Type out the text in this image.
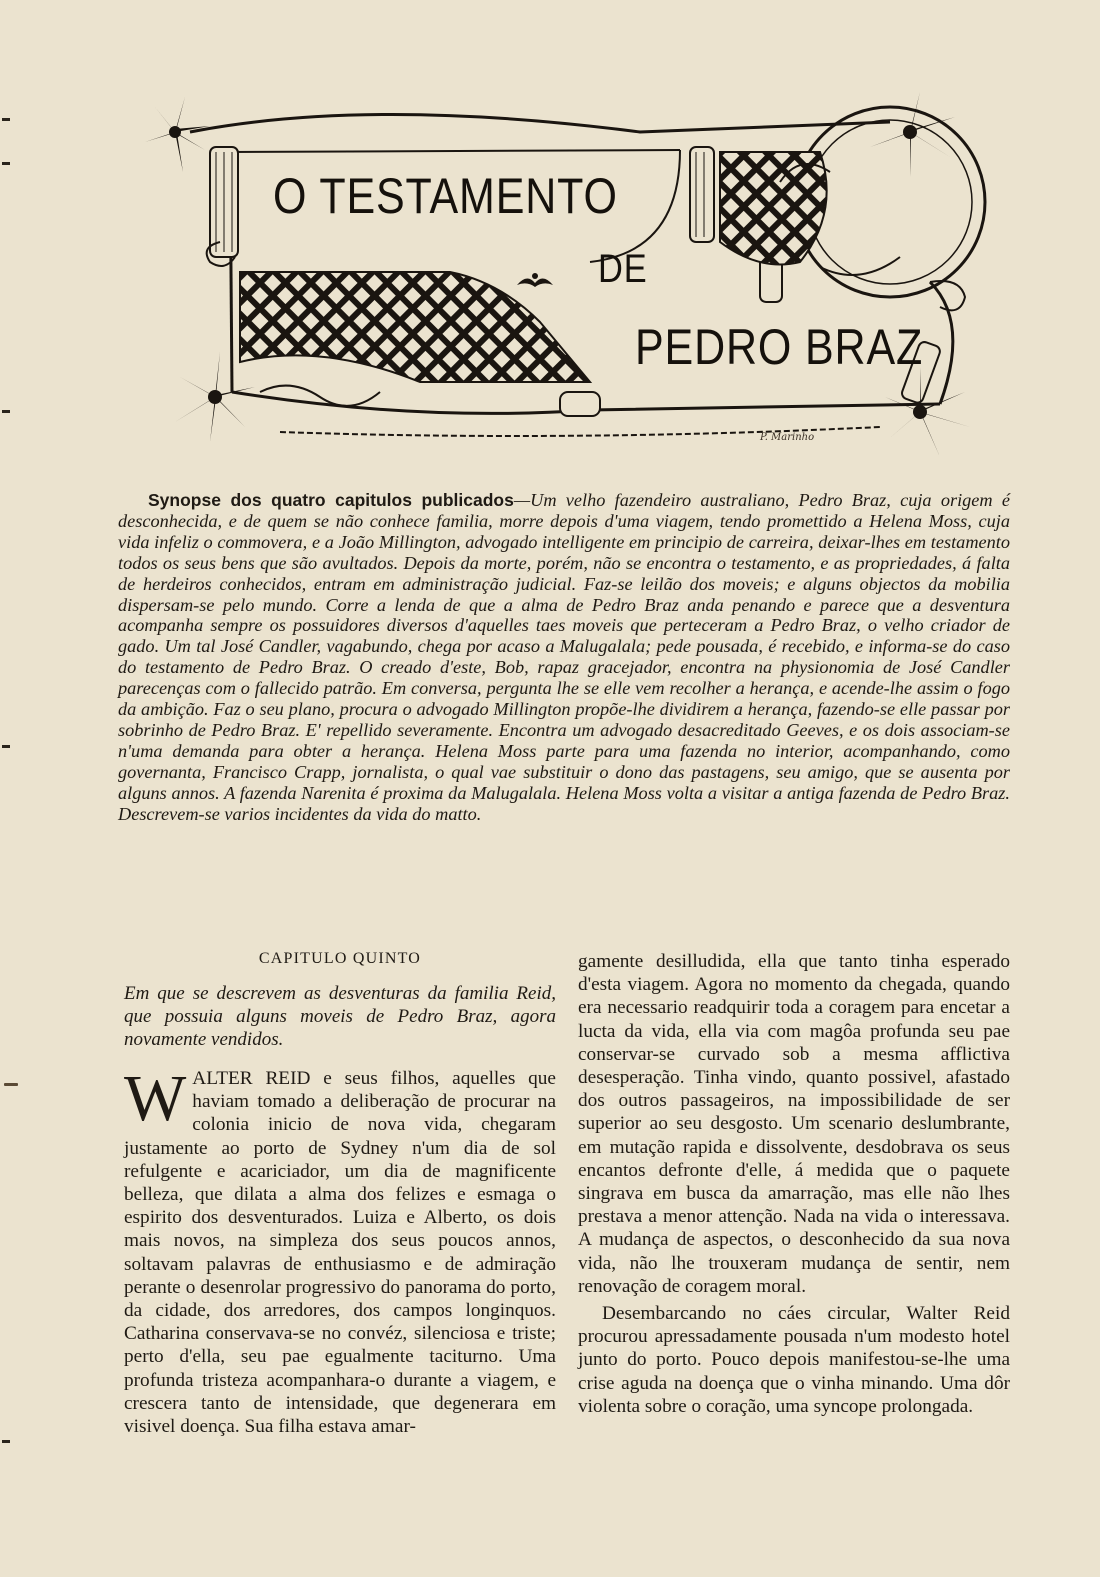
O TESTAMENTO
DE
PEDRO BRAZ
P. Marinho
Synopse dos quatro capitulos publicados—Um velho fazendeiro australiano, Pedro Braz, cuja origem é desconhecida, e de quem se não conhece familia, morre depois d'uma viagem, tendo promettido a Helena Moss, cuja vida infeliz o commovera, e a João Millington, advogado intelligente em principio de carreira, deixar-lhes em testamento todos os seus bens que são avultados. Depois da morte, porém, não se encontra o testamento, e as propriedades, á falta de herdeiros conhecidos, entram em administração judicial. Faz-se leilão dos moveis; e alguns objectos da mobilia dispersam-se pelo mundo. Corre a lenda de que a alma de Pedro Braz anda penando e parece que a desventura acompanha sempre os possuidores diversos d'aquelles taes moveis que perteceram a Pedro Braz, o velho criador de gado. Um tal José Candler, vagabundo, chega por acaso a Malugalala; pede pousada, é recebido, e informa-se do caso do testamento de Pedro Braz. O creado d'este, Bob, rapaz gracejador, encontra na physionomia de José Candler parecenças com o fallecido patrão. Em conversa, pergunta lhe se elle vem recolher a herança, e acende-lhe assim o fogo da ambição. Faz o seu plano, procura o advogado Millington propõe-lhe dividirem a herança, fazendo-se elle passar por sobrinho de Pedro Braz. E' repellido severamente. Encontra um advogado desacreditado Geeves, e os dois associam-se n'uma demanda para obter a herança. Helena Moss parte para uma fazenda no interior, acompanhando, como governanta, Francisco Crapp, jornalista, o qual vae substituir o dono das pastagens, seu amigo, que se ausenta por alguns annos. A fazenda Narenita é proxima da Malugalala. Helena Moss volta a visitar a antiga fazenda de Pedro Braz. Descrevem-se varios incidentes da vida do matto.
CAPITULO QUINTO
Em que se descrevem as desventuras da familia Reid, que possuia alguns moveis de Pedro Braz, agora novamente vendidos.

WALTER REID e seus filhos, aquelles que haviam tomado a deliberação de procurar na colonia inicio de nova vida, chegaram justamente ao porto de Sydney n'um dia de sol refulgente e acariciador, um dia de magnificente belleza, que dilata a alma dos felizes e esmaga o espirito dos desventurados. Luiza e Alberto, os dois mais novos, na simpleza dos seus poucos annos, soltavam palavras de enthusiasmo e de admiração perante o desenrolar progressivo do panorama do porto, da cidade, dos arredores, dos campos longinquos. Catharina conservava-se no convéz, silenciosa e triste; perto d'ella, seu pae egualmente taciturno. Uma profunda tristeza acompanhara-o durante a viagem, e crescera tanto de intensidade, que degenerara em visivel doença. Sua filha estava amar-

gamente desilludida, ella que tanto tinha esperado d'esta viagem. Agora no momento da chegada, quando era necessario readquirir toda a coragem para encetar a lucta da vida, ella via com magôa profunda seu pae conservar-se curvado sob a mesma afflictiva desesperação. Tinha vindo, quanto possivel, afastado dos outros passageiros, na impossibilidade de ser superior ao seu desgosto. Um scenario deslumbrante, em mutação rapida e dissolvente, desdobrava os seus encantos defronte d'elle, á medida que o paquete singrava em busca da amarração, mas elle não lhes prestava a menor attenção. Nada na vida o interessava. A mudança de aspectos, o desconhecido da sua nova vida, não lhe trouxeram mudança de sentir, nem renovação de coragem moral.

Desembarcando no cáes circular, Walter Reid procurou apressadamente pousada n'um modesto hotel junto do porto. Pouco depois manifestou-se-lhe uma crise aguda na doença que o vinha minando. Uma dôr violenta sobre o coração, uma syncope prolongada.
